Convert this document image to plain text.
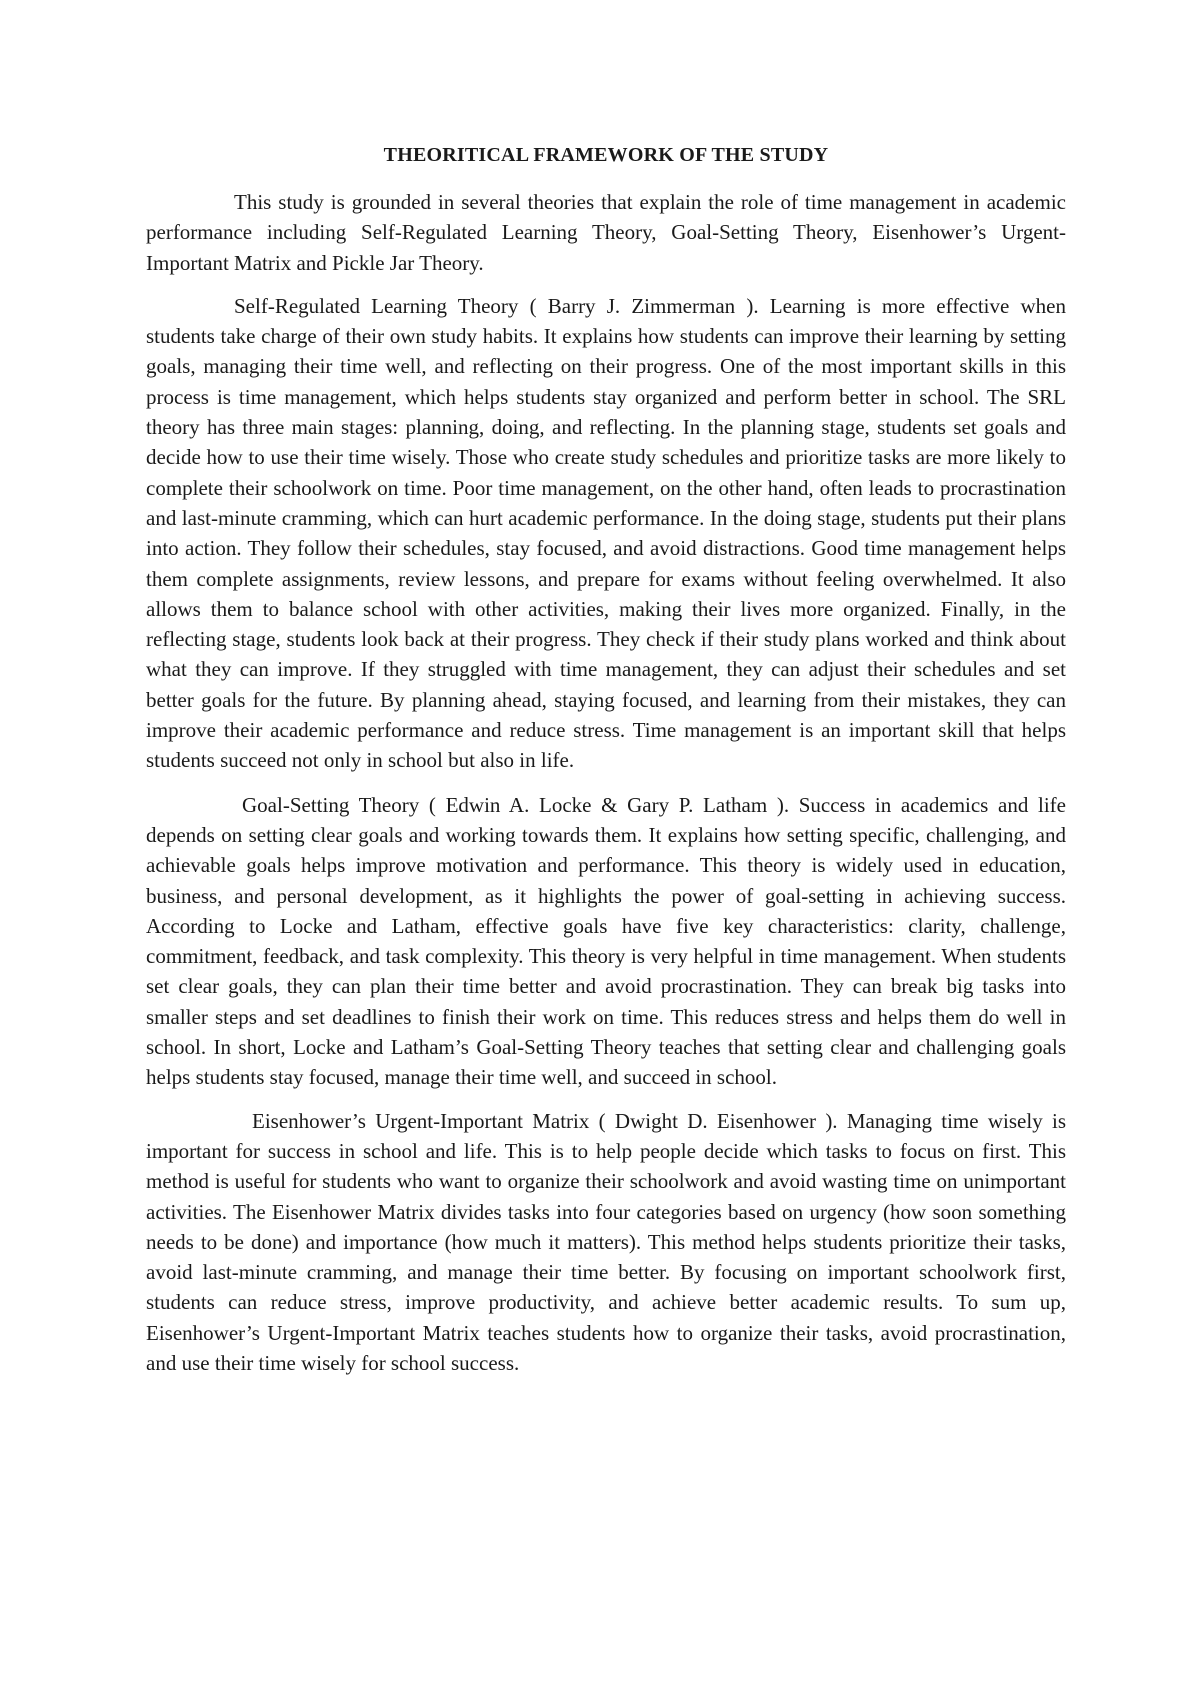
THEORITICAL FRAMEWORK OF THE STUDY

This study is grounded in several theories that explain the role of time management in academic performance including Self-Regulated Learning Theory, Goal-Setting Theory, Eisenhower’s Urgent-Important Matrix and Pickle Jar Theory.

Self-Regulated Learning Theory ( Barry J. Zimmerman ). Learning is more effective when students take charge of their own study habits. It explains how students can improve their learning by setting goals, managing their time well, and reflecting on their progress. One of the most important skills in this process is time management, which helps students stay organized and perform better in school. The SRL theory has three main stages: planning, doing, and reflecting. In the planning stage, students set goals and decide how to use their time wisely. Those who create study schedules and prioritize tasks are more likely to complete their schoolwork on time. Poor time management, on the other hand, often leads to procrastination and last-minute cramming, which can hurt academic performance. In the doing stage, students put their plans into action. They follow their schedules, stay focused, and avoid distractions. Good time management helps them complete assignments, review lessons, and prepare for exams without feeling overwhelmed. It also allows them to balance school with other activities, making their lives more organized. Finally, in the reflecting stage, students look back at their progress. They check if their study plans worked and think about what they can improve. If they struggled with time management, they can adjust their schedules and set better goals for the future. By planning ahead, staying focused, and learning from their mistakes, they can improve their academic performance and reduce stress. Time management is an important skill that helps students succeed not only in school but also in life.

Goal-Setting Theory ( Edwin A. Locke & Gary P. Latham ). Success in academics and life depends on setting clear goals and working towards them. It explains how setting specific, challenging, and achievable goals helps improve motivation and performance. This theory is widely used in education, business, and personal development, as it highlights the power of goal-setting in achieving success. According to Locke and Latham, effective goals have five key characteristics: clarity, challenge, commitment, feedback, and task complexity. This theory is very helpful in time management. When students set clear goals, they can plan their time better and avoid procrastination. They can break big tasks into smaller steps and set deadlines to finish their work on time. This reduces stress and helps them do well in school. In short, Locke and Latham’s Goal-Setting Theory teaches that setting clear and challenging goals helps students stay focused, manage their time well, and succeed in school.

Eisenhower’s Urgent-Important Matrix ( Dwight D. Eisenhower ). Managing time wisely is important for success in school and life. This is to help people decide which tasks to focus on first. This method is useful for students who want to organize their schoolwork and avoid wasting time on unimportant activities. The Eisenhower Matrix divides tasks into four categories based on urgency (how soon something needs to be done) and importance (how much it matters). This method helps students prioritize their tasks, avoid last-minute cramming, and manage their time better. By focusing on important schoolwork first, students can reduce stress, improve productivity, and achieve better academic results. To sum up, Eisenhower’s Urgent-Important Matrix teaches students how to organize their tasks, avoid procrastination, and use their time wisely for school success.
